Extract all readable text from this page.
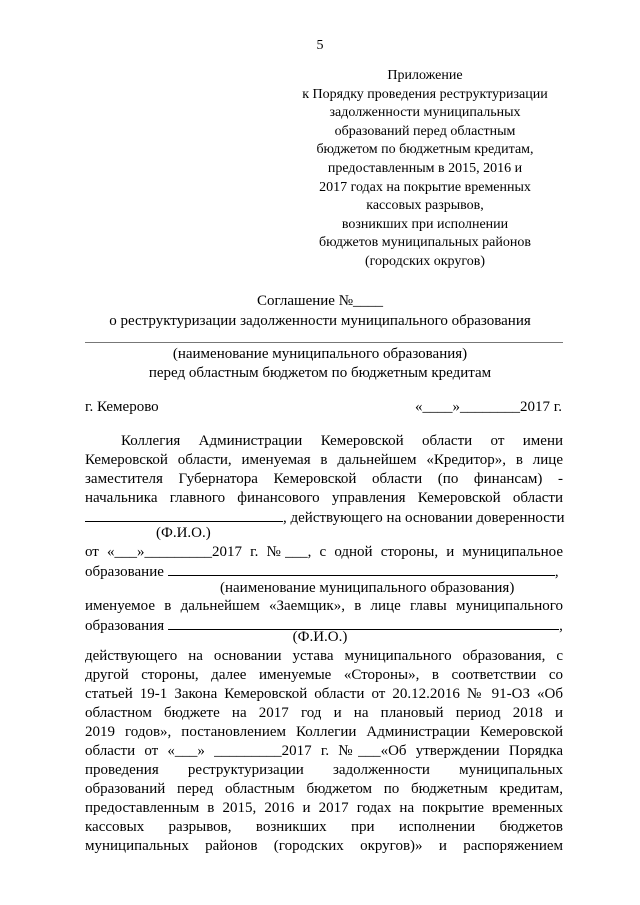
5
Приложение
к Порядку проведения реструктуризации
задолженности муниципальных
образований перед областным
бюджетом по бюджетным кредитам,
предоставленным в 2015, 2016 и
2017 годах на покрытие временных
кассовых разрывов,
возникших при исполнении
бюджетов муниципальных районов
(городских округов)
Соглашение №____
о реструктуризации задолженности муниципального образования
(наименование муниципального образования)
перед областным бюджетом по бюджетным кредитам
г. Кемерово	«____»________2017 г.
Коллегия Администрации Кемеровской области от имени
Кемеровской области, именуемая в дальнейшем «Кредитор», в лице
заместителя Губернатора Кемеровской области (по финансам) -
начальника главного финансового управления Кемеровской области
, действующего на основании доверенности
(Ф.И.О.)
от «___»_________2017 г. №___, с одной стороны, и муниципальное
образование	,
(наименование муниципального образования)
именуемое в дальнейшем «Заемщик», в лице главы муниципального
образования	,
(Ф.И.О.)
действующего на основании устава муниципального образования, с
другой стороны, далее именуемые «Стороны», в соответствии со
статьей 19-1 Закона Кемеровской области от 20.12.2016 № 91-ОЗ «Об
областном бюджете на 2017 год и на плановый период 2018 и
2019 годов», постановлением Коллегии Администрации Кемеровской
области от «___» _________2017 г. №___«Об утверждении Порядка
проведения реструктуризации задолженности муниципальных
образований перед областным бюджетом по бюджетным кредитам,
предоставленным в 2015, 2016 и 2017 годах на покрытие временных
кассовых разрывов, возникших при исполнении бюджетов
муниципальных районов (городских округов)» и распоряжением
